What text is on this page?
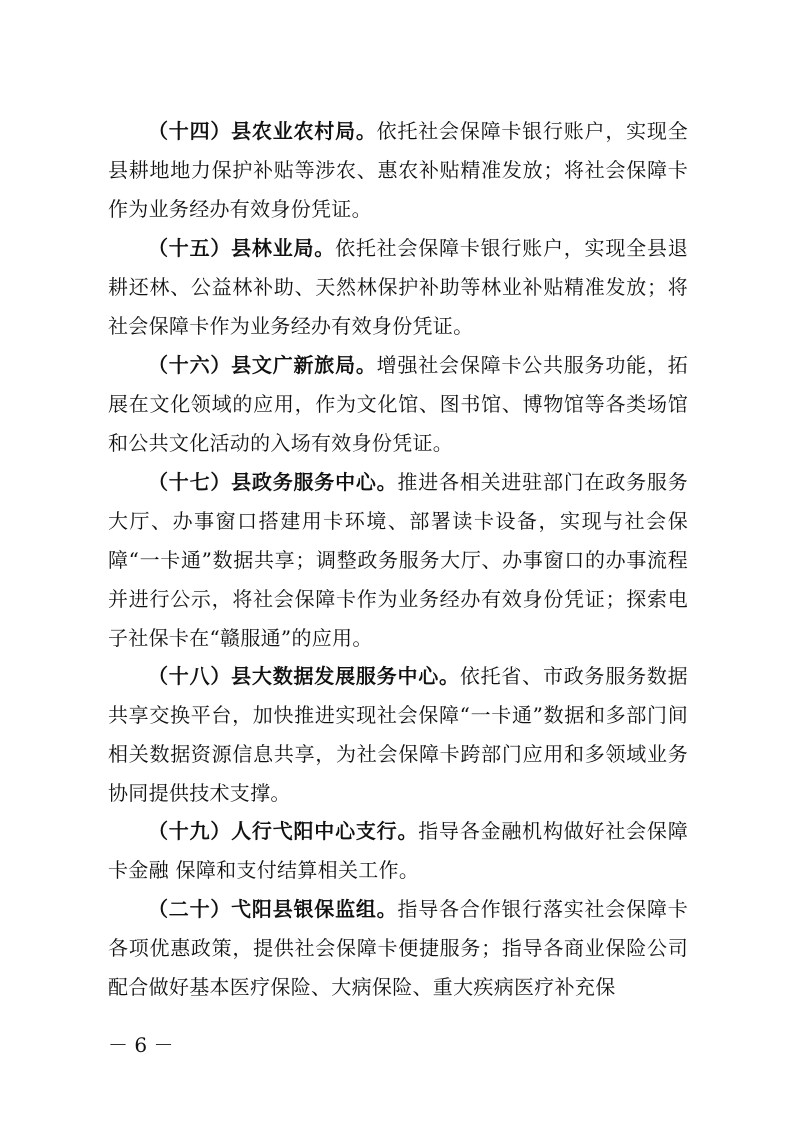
（十四）县农业农村局。依托社会保障卡银行账户，实现全县耕地地力保护补贴等涉农、惠农补贴精准发放；将社会保障卡作为业务经办有效身份凭证。

（十五）县林业局。依托社会保障卡银行账户，实现全县退耕还林、公益林补助、天然林保护补助等林业补贴精准发放；将社会保障卡作为业务经办有效身份凭证。

（十六）县文广新旅局。增强社会保障卡公共服务功能，拓展在文化领域的应用，作为文化馆、图书馆、博物馆等各类场馆和公共文化活动的入场有效身份凭证。

（十七）县政务服务中心。推进各相关进驻部门在政务服务大厅、办事窗口搭建用卡环境、部署读卡设备，实现与社会保障“一卡通”数据共享；调整政务服务大厅、办事窗口的办事流程并进行公示，将社会保障卡作为业务经办有效身份凭证；探索电子社保卡在“赣服通”的应用。

（十八）县大数据发展服务中心。依托省、市政务服务数据共享交换平台，加快推进实现社会保障“一卡通”数据和多部门间相关数据资源信息共享，为社会保障卡跨部门应用和多领域业务协同提供技术支撑。

（十九）人行弋阳中心支行。指导各金融机构做好社会保障卡金融 保障和支付结算相关工作。

（二十）弋阳县银保监组。指导各合作银行落实社会保障卡各项优惠政策，提供社会保障卡便捷服务；指导各商业保险公司配合做好基本医疗保险、大病保险、重大疾病医疗补充保

－ 6 －
